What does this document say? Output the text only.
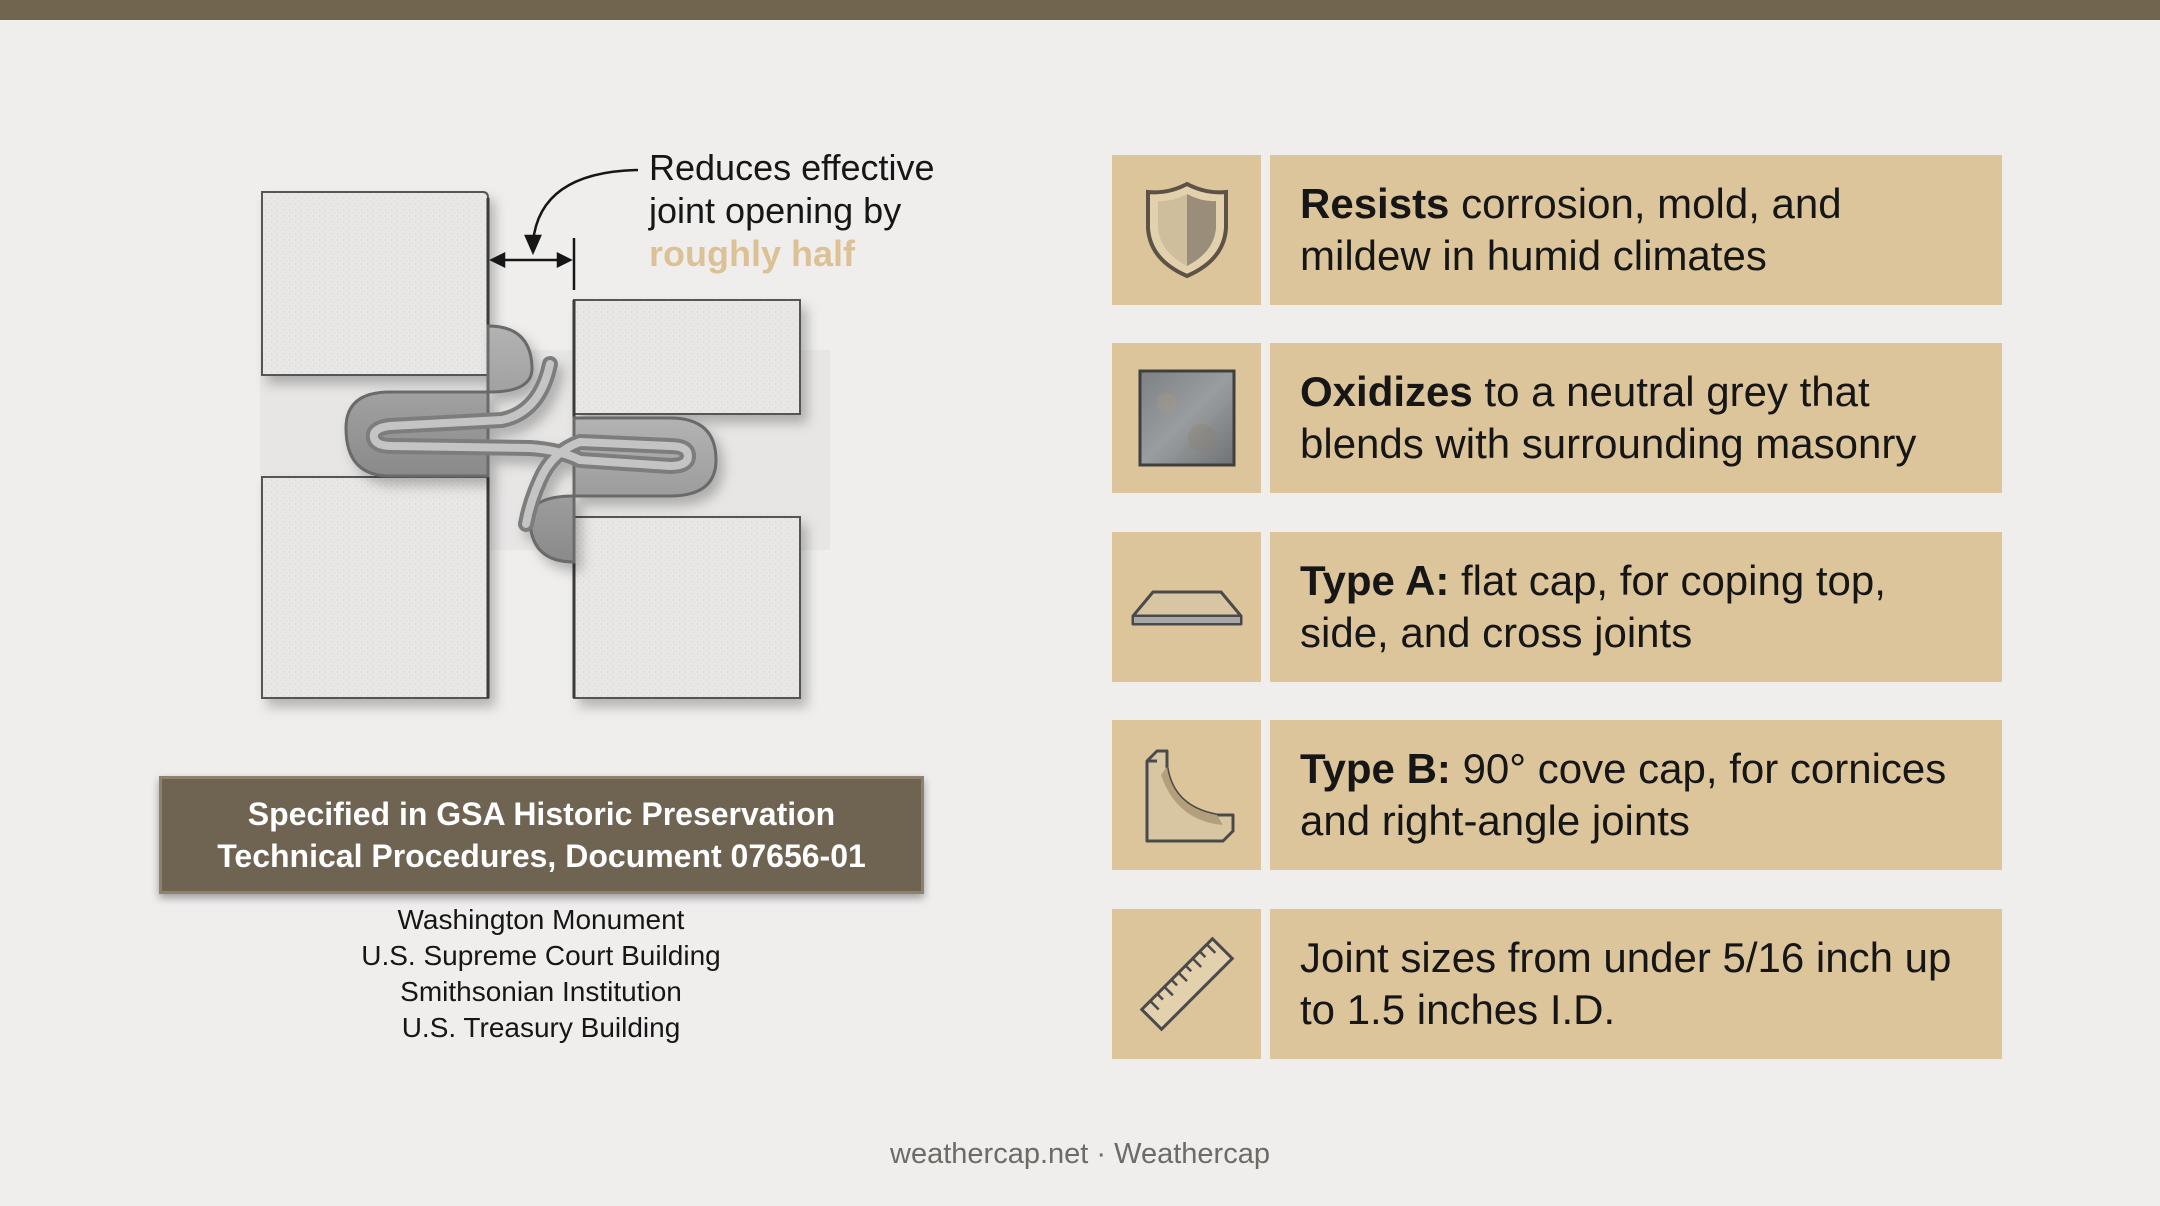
Reduces effective
joint opening by
roughly half
Specified in GSA Historic Preservation
Technical Procedures, Document 07656-01
Washington Monument
U.S. Supreme Court Building
Smithsonian Institution
U.S. Treasury Building
Resists corrosion, mold, and mildew in humid climates
Oxidizes to a neutral grey that blends with surrounding masonry
Type A: flat cap, for coping top, side, and cross joints
Type B: 90° cove cap, for cornices and right-angle joints
Joint sizes from under 5/16 inch up to 1.5 inches I.D.
weathercap.net · Weathercap
